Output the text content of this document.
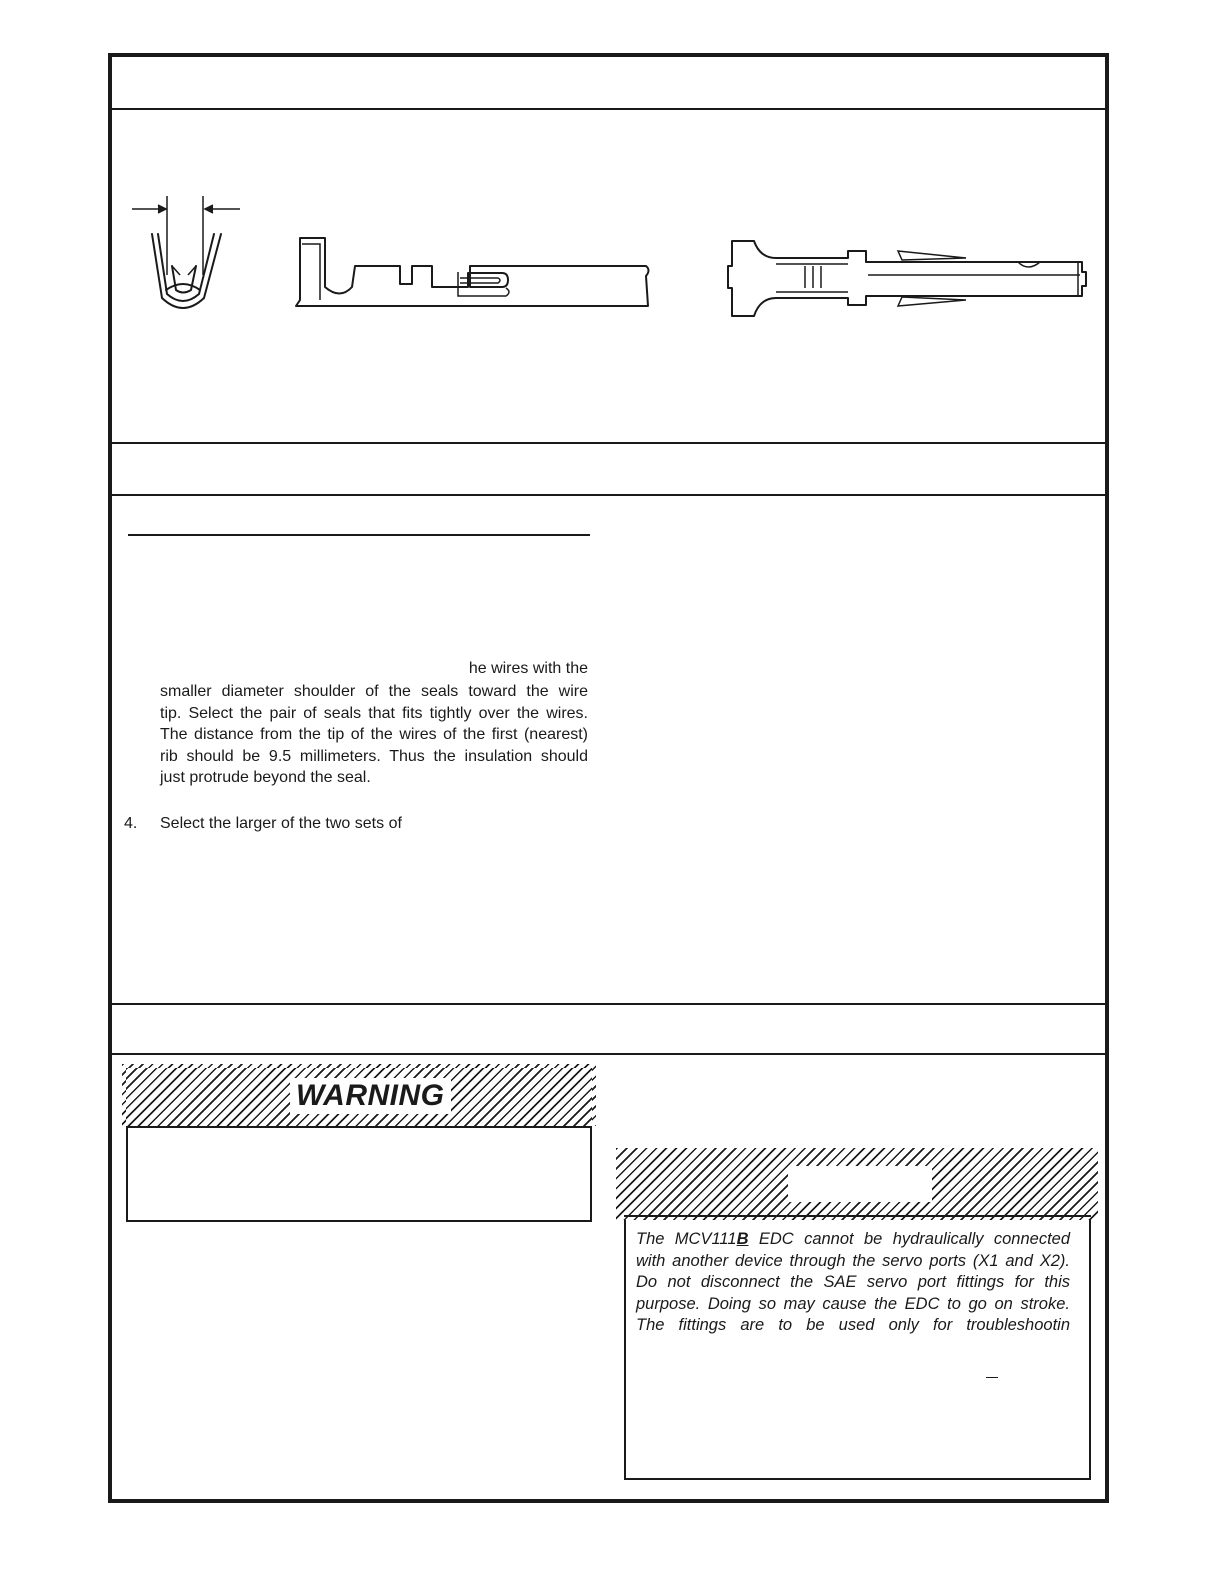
he wires with the
smaller diameter shoulder of the seals toward the wire
tip. Select the pair of seals that fits tightly over the wires.
The distance from the tip of the wires of the first (nearest)
rib should be 9.5 millimeters. Thus the insulation should
just protrude beyond the seal.
4. Select the larger of the two sets of
WARNING
The MCV111B EDC cannot be hydraulically connected
with another device through the servo ports (X1 and X2).
Do not disconnect the SAE servo port fittings for this
purpose. Doing so may cause the EDC to go on stroke.
The fittings are to be used only for troubleshootin
